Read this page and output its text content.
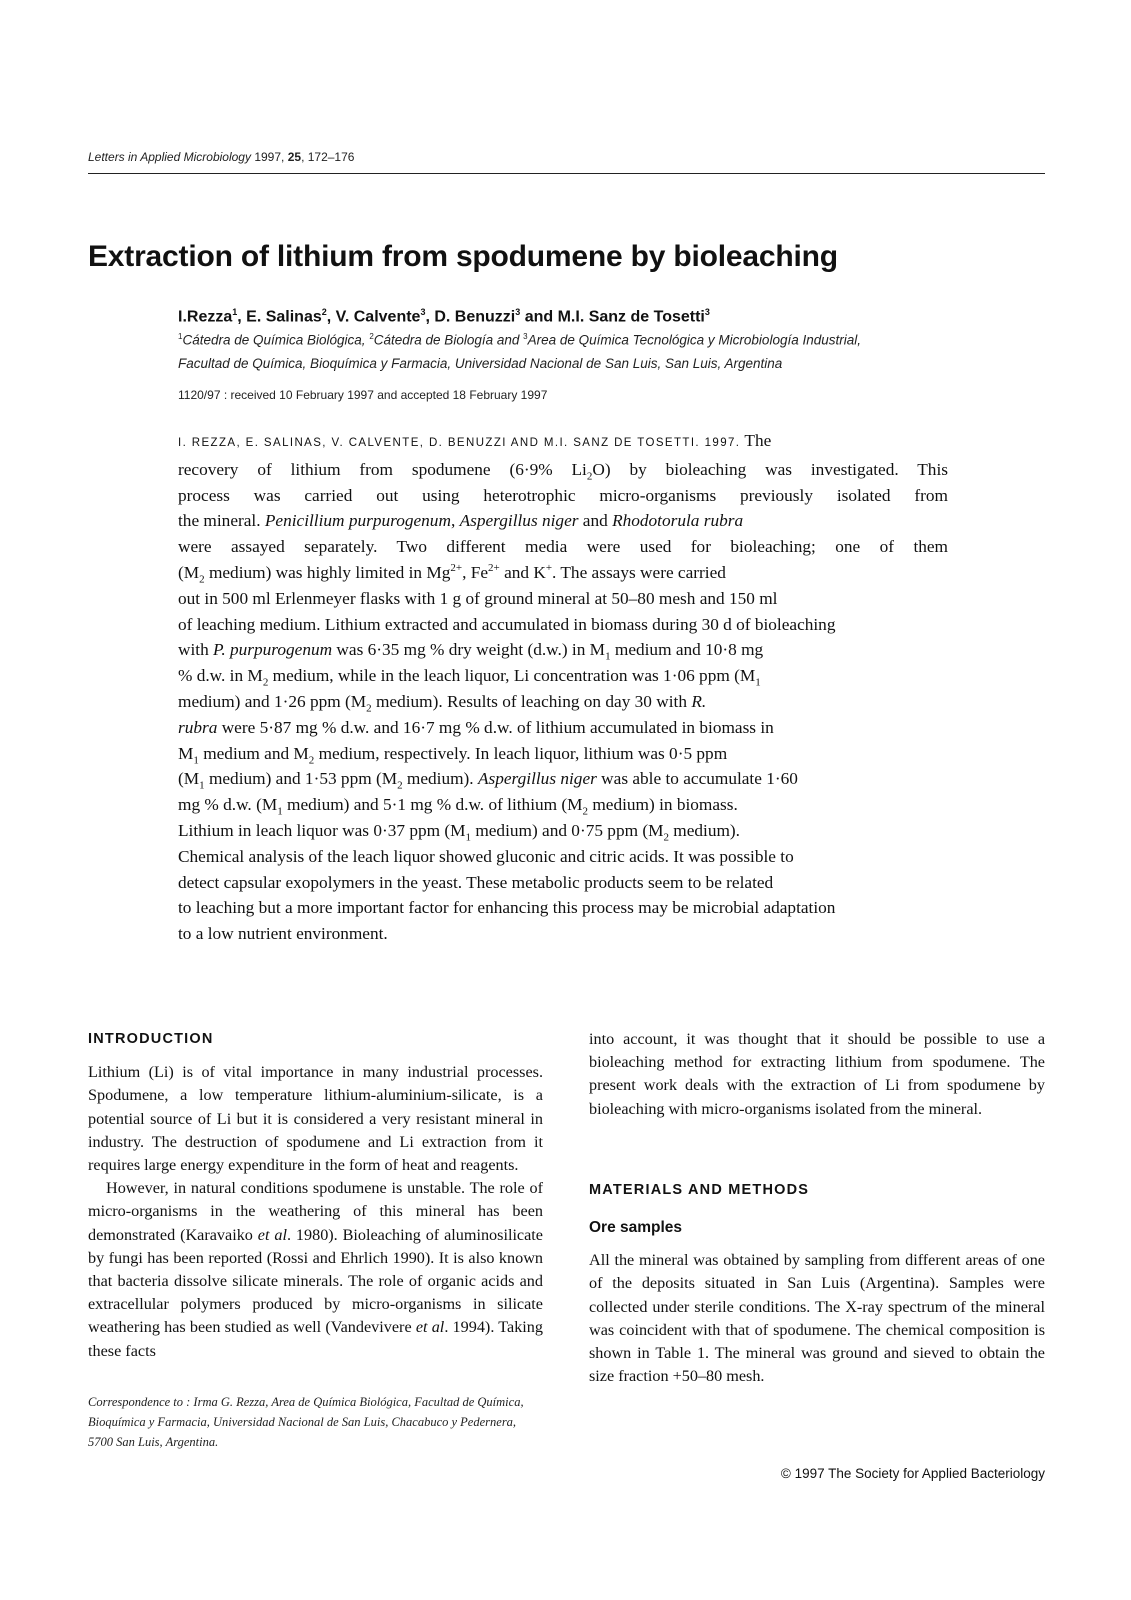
Letters in Applied Microbiology 1997, 25, 172–176
Extraction of lithium from spodumene by bioleaching
I.Rezza$^1$, E. Salinas$^2$, V. Calvente$^3$, D. Benuzzi$^3$ and M.I. Sanz de Tosetti$^3$
$^1$Cátedra de Química Biológica, $^2$Cátedra de Biología and $^3$Area de Química Tecnológica y Microbiología Industrial,
Facultad de Química, Bioquímica y Farmacia, Universidad Nacional de San Luis, San Luis, Argentina
1120/97 : received 10 February 1997 and accepted 18 February 1997
I. REZZA, E. SALINAS, V. CALVENTE, D. BENUZZI AND M.I. SANZ DE TOSETTI. 1997. The
recovery of lithium from spodumene (6·9% $Li_2O$) by bioleaching was investigated. This
process was carried out using heterotrophic micro-organisms previously isolated from
the mineral. Penicillium purpurogenum, Aspergillus niger and Rhodotorula rubra
were assayed separately. Two different media were used for bioleaching; one of them
($M_2$ medium) was highly limited in $Mg^{2+}$, $Fe^{2+}$ and K+. The assays were carried
out in 500 ml Erlenmeyer flasks with 1 g of ground mineral at 50–80 mesh and 150 ml
of leaching medium. Lithium extracted and accumulated in biomass during 30 d of bioleaching
with P. purpurogenum was 6·35 mg % dry weight (d.w.) in $M_1$ medium and 10·8 mg
% d.w. in $M_2$ medium, while in the leach liquor, Li concentration was 1·06 ppm ($M_1$
medium) and 1·26 ppm ($M_2$ medium). Results of leaching on day 30 with R.
rubra were 5·87 mg % d.w. and 16·7 mg % d.w. of lithium accumulated in biomass in
$M_1$ medium and $M_2$ medium, respectively. In leach liquor, lithium was 0·5 ppm
($M_1$ medium) and 1·53 ppm ($M_2$ medium). Aspergillus niger was able to accumulate 1·60
mg % d.w. ($M_1$ medium) and 5·1 mg % d.w. of lithium ($M_2$ medium) in biomass.
Lithium in leach liquor was 0·37 ppm ($M_1$ medium) and 0·75 ppm ($M_2$ medium).
Chemical analysis of the leach liquor showed gluconic and citric acids. It was possible to
detect capsular exopolymers in the yeast. These metabolic products seem to be related
to leaching but a more important factor for enhancing this process may be microbial adaptation
to a low nutrient environment.
INTRODUCTION

Lithium (Li) is of vital importance in many industrial processes. Spodumene, a low temperature lithium-aluminium-silicate, is a potential source of Li but it is considered a very resistant mineral in industry. The destruction of spodumene and Li extraction from it requires large energy expenditure in the form of heat and reagents.

However, in natural conditions spodumene is unstable. The role of micro-organisms in the weathering of this mineral has been demonstrated (Karavaiko et al. 1980). Bioleaching of aluminosilicate by fungi has been reported (Rossi and Ehrlich 1990). It is also known that bacteria dissolve silicate minerals. The role of organic acids and extracellular polymers produced by micro-organisms in silicate weathering has been studied as well (Vandevivere et al. 1994). Taking these facts

Correspondence to : Irma G. Rezza, Area de Química Biológica, Facultad de Química, Bioquímica y Farmacia, Universidad Nacional de San Luis, Chacabuco y Pedernera, 5700 San Luis, Argentina.

into account, it was thought that it should be possible to use a bioleaching method for extracting lithium from spodumene. The present work deals with the extraction of Li from spodumene by bioleaching with micro-organisms isolated from the mineral.

MATERIALS AND METHODS
Ore samples

All the mineral was obtained by sampling from different areas of one of the deposits situated in San Luis (Argentina). Samples were collected under sterile conditions. The X-ray spectrum of the mineral was coincident with that of spodumene. The chemical composition is shown in Table 1. The mineral was ground and sieved to obtain the size fraction +50–80 mesh.

© 1997 The Society for Applied Bacteriology
